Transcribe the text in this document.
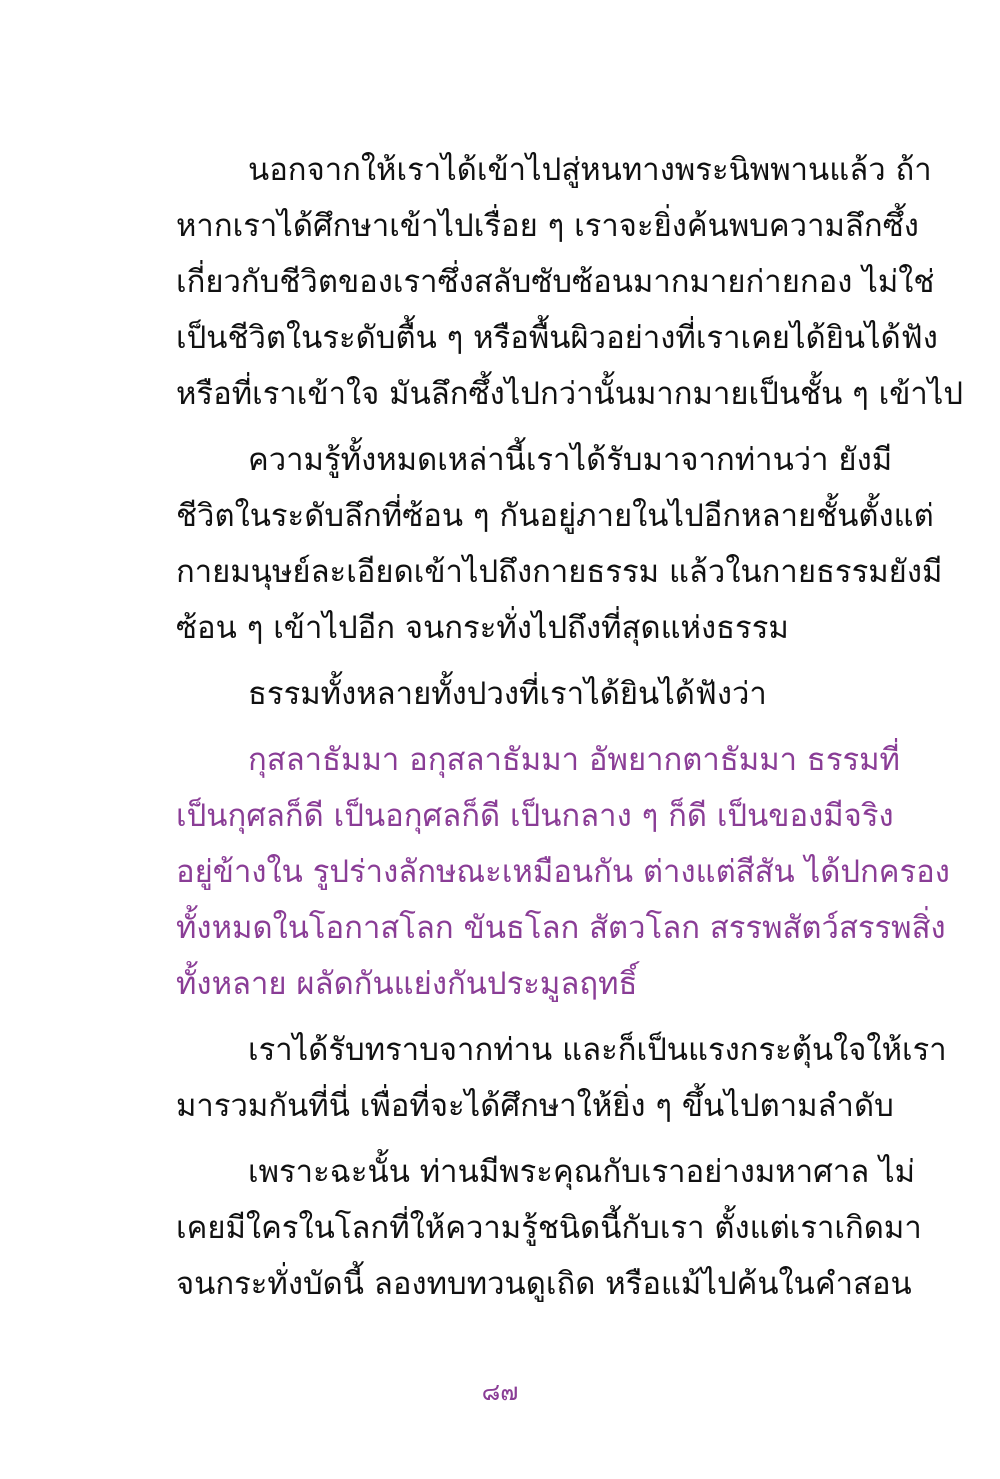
นอกจากให้เราได้เข้าไปสู่หนทางพระนิพพานแล้ว ถ้า
หากเราได้ศึกษาเข้าไปเรื่อย ๆ เราจะยิ่งค้นพบความลึกซึ้ง
เกี่ยวกับชีวิตของเราซึ่งสลับซับซ้อนมากมายก่ายกอง ไม่ใช่
เป็นชีวิตในระดับตื้น ๆ หรือพื้นผิวอย่างที่เราเคยได้ยินได้ฟัง
หรือที่เราเข้าใจ มันลึกซึ้งไปกว่านั้นมากมายเป็นชั้น ๆ เข้าไป
ความรู้ทั้งหมดเหล่านี้เราได้รับมาจากท่านว่า ยังมี
ชีวิตในระดับลึกที่ซ้อน ๆ กันอยู่ภายในไปอีกหลายชั้นตั้งแต่
กายมนุษย์ละเอียดเข้าไปถึงกายธรรม แล้วในกายธรรมยังมี
ซ้อน ๆ เข้าไปอีก จนกระทั่งไปถึงที่สุดแห่งธรรม
ธรรมทั้งหลายทั้งปวงที่เราได้ยินได้ฟังว่า
กุสลาธัมมา อกุสลาธัมมา อัพยากตาธัมมา ธรรมที่
เป็นกุศลก็ดี เป็นอกุศลก็ดี เป็นกลาง ๆ ก็ดี เป็นของมีจริง
อยู่ข้างใน รูปร่างลักษณะเหมือนกัน ต่างแต่สีสัน ได้ปกครอง
ทั้งหมดในโอกาสโลก ขันธโลก สัตวโลก สรรพสัตว์สรรพสิ่ง
ทั้งหลาย ผลัดกันแย่งกันประมูลฤทธิ์
เราได้รับทราบจากท่าน และก็เป็นแรงกระตุ้นใจให้เรา
มารวมกันที่นี่ เพื่อที่จะได้ศึกษาให้ยิ่ง ๆ ขึ้นไปตามลำดับ
เพราะฉะนั้น ท่านมีพระคุณกับเราอย่างมหาศาล ไม่
เคยมีใครในโลกที่ให้ความรู้ชนิดนี้กับเรา ตั้งแต่เราเกิดมา
จนกระทั่งบัดนี้ ลองทบทวนดูเถิด หรือแม้ไปค้นในคำสอน
๘๗
